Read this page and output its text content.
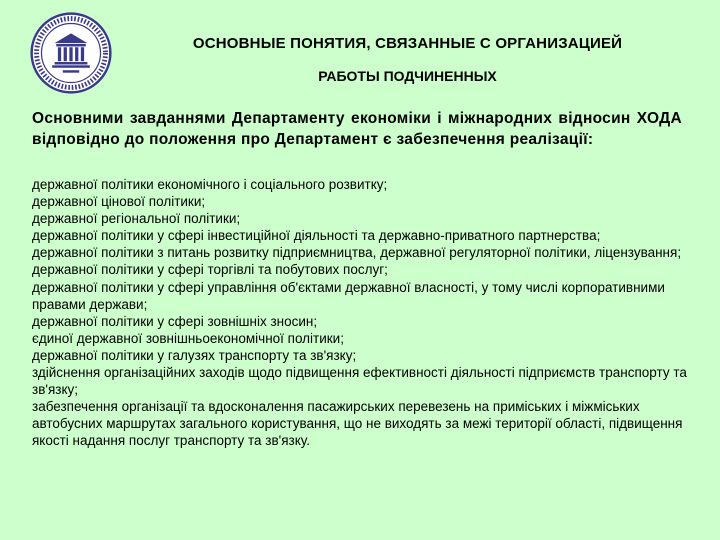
ОСНОВНЫЕ ПОНЯТИЯ, СВЯЗАННЫЕ С ОРГАНИЗАЦИЕЙ
РАБОТЫ ПОДЧИНЕННЫХ
Основними завданнями Департаменту економіки і міжнародних відносин ХОДА відповідно до положення про Департамент є забезпечення реалізації:
державної політики економічного і соціального розвитку;
державної цінової політики;
державної регіональної політики;
державної політики у сфері інвестиційної діяльності та державно-приватного партнерства;
державної політики з питань розвитку підприємництва, державної регуляторної політики, ліцензування;
державної політики у сфері торгівлі та побутових послуг;
державної політики у сфері управління об'єктами державної власності, у тому числі корпоративними правами держави;
державної політики у сфері зовнішніх зносин;
єдиної державної зовнішньоекономічної політики;
державної політики у галузях транспорту та зв'язку;
здійснення організаційних заходів щодо підвищення ефективності діяльності підприємств транспорту та зв'язку;
забезпечення організації та вдосконалення пасажирських перевезень на приміських і міжміських автобусних маршрутах загального користування, що не виходять за межі території області, підвищення якості надання послуг транспорту та зв'язку.
